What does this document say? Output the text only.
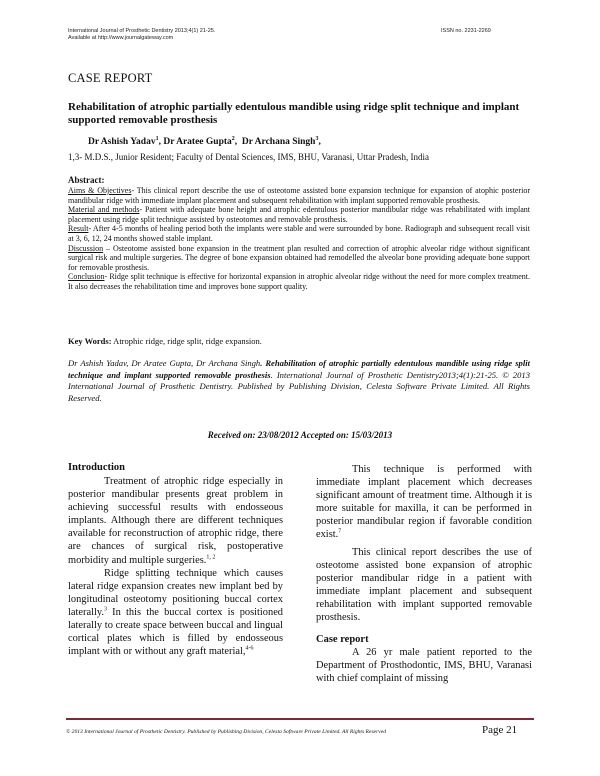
International Journal of Prosthetic Dentistry 2013;4(1) 21-25.
Available at http://www.journalgateway.com
ISSN no. 2231-2269
CASE REPORT
Rehabilitation of atrophic partially edentulous mandible using ridge split technique and implant supported removable prosthesis
Dr Ashish Yadav$^1$, Dr Aratee Gupta$^2$,  Dr Archana Singh$^3$,
1,3- M.D.S., Junior Resident; Faculty of Dental Sciences, IMS, BHU, Varanasi, Uttar Pradesh, India
Abstract:

Aims & Objectives- This clinical report describe the use of osteotome assisted bone expansion technique for expansion of atophic posterior mandibular ridge with immediate implant placement and subsequent rehabilitation with implant supported removable prosthesis.

Material and methods- Patient with adequate bone height and atrophic edentulous posterior mandibular ridge was rehabilitated with implant placement using ridge split technique assisted by osteotomes and removable prosthesis.

Result- After 4-5 months of healing period both the implants were stable and were surrounded by bone. Radiograph and subsequent recall visit at 3, 6, 12, 24 months showed stable implant.

Discussion – Osteotome assisted bone expansion in the treatment plan resulted and correction of atrophic alveolar ridge without significant surgical risk and multiple surgeries. The degree of bone expansion obtained had remodelled the alveolar bone providing adequate bone support for removable prosthesis.

Conclusion- Ridge split technique is effective for horizontal expansion in atrophic alveolar ridge without the need for more complex treatment. It also decreases the rehabilitation time and improves bone support quality.

Key Words: Atrophic ridge, ridge split, ridge expansion.
Dr Ashish Yadav, Dr Aratee Gupta, Dr Archana Singh. Rehabilitation of atrophic partially edentulous mandible using ridge split technique and implant supported removable prosthesis. International Journal of Prosthetic Dentistry2013;4(1):21-25. © 2013 International Journal of Prosthetic Dentistry. Published by Publishing Division, Celesta Software Private Limited. All Rights Reserved.
Received on: 23/08/2012 Accepted on: 15/03/2013
Introduction

Treatment of atrophic ridge especially in posterior mandibular presents great problem in achieving successful results with endosseous implants. Although there are different techniques available for reconstruction of atrophic ridge, there are chances of surgical risk, postoperative morbidity and multiple surgeries.$^{1, 2}$

Ridge splitting technique which causes lateral ridge expansion creates new implant bed by longitudinal osteotomy positioning buccal cortex laterally.$^3$ In this the buccal cortex is positioned laterally to create space between buccal and lingual cortical plates which is filled by endosseous implant with or without any graft material,$^{4-6}$

This technique is performed with immediate implant placement which decreases significant amount of treatment time. Although it is more suitable for maxilla, it can be performed in posterior mandibular region if favorable condition exist.$^7$

This clinical report describes the use of osteotome assisted bone expansion of atrophic posterior mandibular ridge in a patient with immediate implant placement and subsequent rehabilitation with implant supported removable prosthesis.

Case report

A 26 yr male patient reported to the Department of Prosthodontic, IMS, BHU, Varanasi with chief complaint of missing

© 2013 International Journal of Prosthetic Dentistry. Published by Publishing Division, Celesta Software Private Limited. All Rights Reserved	Page 21
